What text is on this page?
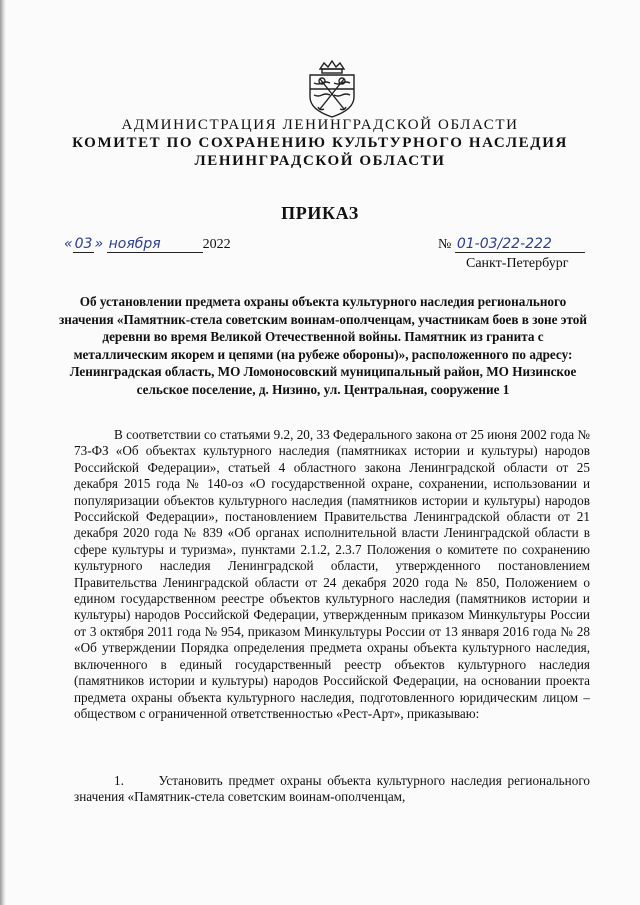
АДМИНИСТРАЦИЯ ЛЕНИНГРАДСКОЙ ОБЛАСТИ
КОМИТЕТ ПО СОХРАНЕНИЮ КУЛЬТУРНОГО НАСЛЕДИЯ
ЛЕНИНГРАДСКОЙ ОБЛАСТИ
ПРИКАЗ
« 03 » ноября	2022	№ 01-03/22-222
Санкт-Петербург
Об установлении предмета охраны объекта культурного наследия регионального значения «Памятник-стела советским воинам-ополченцам, участникам боев в зоне этой деревни во время Великой Отечественной войны. Памятник из гранита с металлическим якорем и цепями (на рубеже обороны)», расположенного по адресу: Ленинградская область, МО Ломоносовский муниципальный район, МО Низинское сельское поселение, д. Низино, ул. Центральная, сооружение 1
В соответствии со статьями 9.2, 20, 33 Федерального закона от 25 июня 2002 года № 73-ФЗ «Об объектах культурного наследия (памятниках истории и культуры) народов Российской Федерации», статьей 4 областного закона Ленинградской области от 25 декабря 2015 года № 140-оз «О государственной охране, сохранении, использовании и популяризации объектов культурного наследия (памятников истории и культуры) народов Российской Федерации», постановлением Правительства Ленинградской области от 21 декабря 2020 года № 839 «Об органах исполнительной власти Ленинградской области в сфере культуры и туризма», пунктами 2.1.2, 2.3.7 Положения о комитете по сохранению культурного наследия Ленинградской области, утвержденного постановлением Правительства Ленинградской области от 24 декабря 2020 года № 850, Положением о едином государственном реестре объектов культурного наследия (памятников истории и культуры) народов Российской Федерации, утвержденным приказом Минкультуры России от 3 октября 2011 года № 954, приказом Минкультуры России от 13 января 2016 года № 28 «Об утверждении Порядка определения предмета охраны объекта культурного наследия, включенного в единый государственный реестр объектов культурного наследия (памятников истории и культуры) народов Российской Федерации, на основании проекта предмета охраны объекта культурного наследия, подготовленного юридическим лицом – обществом с ограниченной ответственностью «Рест-Арт», приказываю:
1.	Установить предмет охраны объекта культурного наследия регионального значения «Памятник-стела советским воинам-ополченцам,
